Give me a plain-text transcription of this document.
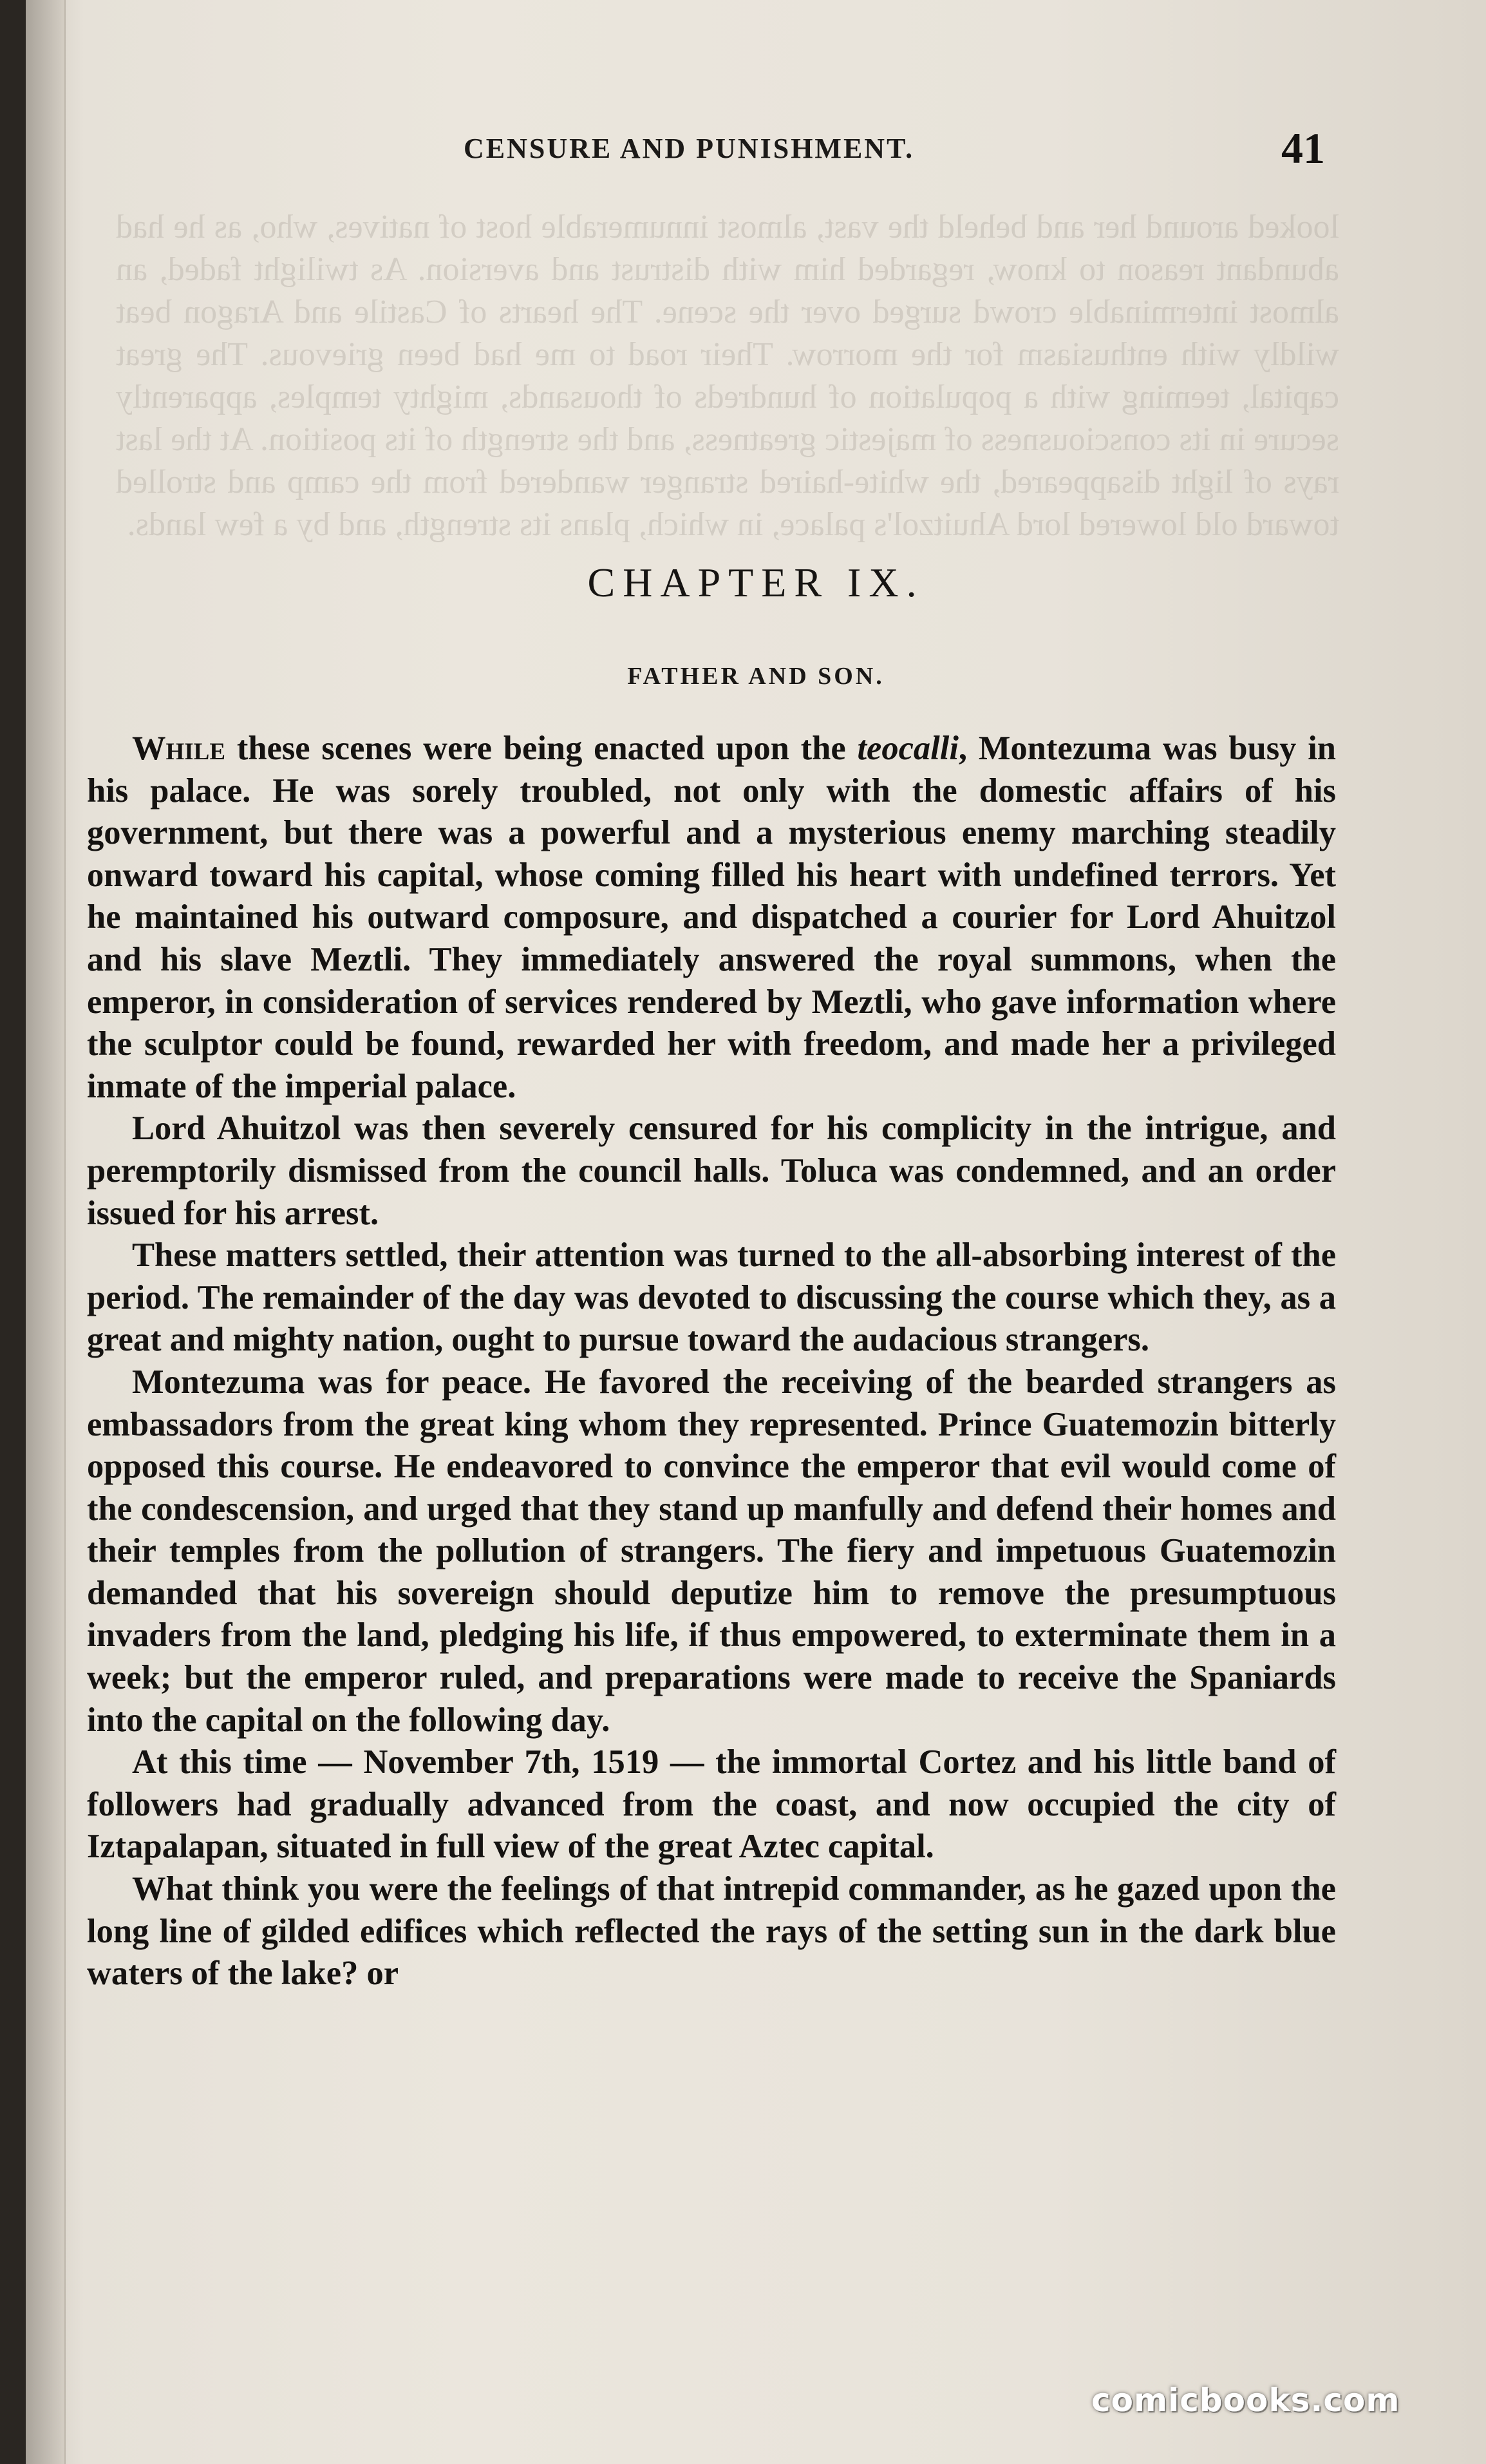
looked around her and beheld the vast, almost innumerable host of natives, who, as he had abundant reason to know, regarded him with distrust and aversion. As twilight faded, an almost interminable crowd surged over the scene. The hearts of Castile and Aragon beat wildly with enthusiasm for the morrow. Their road to me had been grievous. The great capital, teeming with a population of hundreds of thousands, mighty temples, apparently secure in its consciousness of majestic greatness, and the strength of its position. At the last rays of light disappeared, the white-haired stranger wandered from the camp and strolled toward old lowered lord Ahuitzol's palace, in which, plans its strength, and by a few lands.
CENSURE AND PUNISHMENT.	41
CHAPTER IX.
FATHER AND SON.

While these scenes were being enacted upon the teocalli, Montezuma was busy in his palace. He was sorely troubled, not only with the domestic affairs of his government, but there was a powerful and a mysterious enemy marching steadily onward toward his capital, whose coming filled his heart with undefined terrors. Yet he maintained his outward composure, and dispatched a courier for Lord Ahuitzol and his slave Meztli. They immediately answered the royal summons, when the emperor, in consideration of services rendered by Meztli, who gave information where the sculptor could be found, rewarded her with freedom, and made her a privileged inmate of the imperial palace.

Lord Ahuitzol was then severely censured for his complicity in the intrigue, and peremptorily dismissed from the council halls. Toluca was condemned, and an order issued for his arrest.

These matters settled, their attention was turned to the all-absorbing interest of the period. The remainder of the day was devoted to discussing the course which they, as a great and mighty nation, ought to pursue toward the audacious strangers.

Montezuma was for peace. He favored the receiving of the bearded strangers as embassadors from the great king whom they represented. Prince Guatemozin bitterly opposed this course. He endeavored to convince the emperor that evil would come of the condescension, and urged that they stand up manfully and defend their homes and their temples from the pollution of strangers. The fiery and impetuous Guatemozin demanded that his sovereign should deputize him to remove the presumptuous invaders from the land, pledging his life, if thus empowered, to exterminate them in a week; but the emperor ruled, and preparations were made to receive the Spaniards into the capital on the following day.

At this time — November 7th, 1519 — the immortal Cortez and his little band of followers had gradually advanced from the coast, and now occupied the city of Iztapalapan, situated in full view of the great Aztec capital.

What think you were the feelings of that intrepid commander, as he gazed upon the long line of gilded edifices which reflected the rays of the setting sun in the dark blue waters of the lake? or

comicbooks.com
